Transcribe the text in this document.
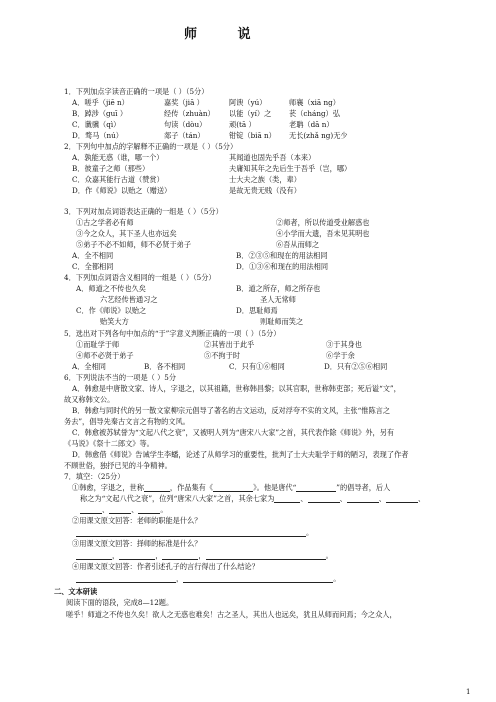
师 说
1．下列加点字读音正确的一项是（ ）（5分）
A．嗟乎（jiē n）	嘉奖（jiā ）	阿谀（yú）	师襄（xiā ng）
B．踔涉（guī ）	经传（zhuàn） 以能（yí）之 苌（cháng）弘
C．谶骥（qì）	句读（dòu）	顽(tā ）	老聃（dā n）
D．骛马（nú）	郯子（tán）	钳锭（biā n） 无长(zhǎ ng)无少
2．下列句中加点的字解释不正确的一项是（ ）（5分）
A．孰能无惑（谁，哪一个）	其闻道也固先乎吾（本来）
B．彼童子之师（那些）	夫庸知其年之先后生于吾乎（岂，哪）
C．众嘉其能行古道（赞赏）	士大夫之族（类，辈）
D．作《师说》以贻之（赠送）	是故无贵无贱（没有）
3．下列对加点词语表达正确的一组是（ ）（5分）
①古之学者必有师	②师者，所以传道受业解惑也
③今之众人，其下圣人也亦远矣	④小学而大遗，吾未见其明也
⑤弟子不必不如师，师不必贤于弟子	⑥吾从而师之
A．全不相同	B．②③⑤和现在的用法相同
C．全都相同	D．①③⑥和现在的用法相同
4．下列加点词语含义相同的一组是（ ）（5分）
A．师道之不传也久矣	B．道之所存，师之所存也
六艺经传皆通习之	圣人无常师
C．作《师说》以贻之	D．思耻师焉
贻笑大方	则耻师而笑之
5．选出对下列各句中加点的“于”字意义判断正确的一项（ ）（5分）
①而耻学于师	②其皆出于此乎	③于其身也
④师不必贤于弟子	⑤不拘于时	⑥学于余
A．全相同	B．各不相同	C．只有①⑥相同	D．只有②⑤⑥相同
6．下列说法不当的一项是（ ）5分
A．韩愈是中唐散文家、诗人，字退之，以其祖籍，世称韩昌黎；以其官职，世称韩吏部；死后谥“文”，
故又称韩文公。
B．韩愈与同时代的另一散文家柳宗元倡导了著名的古文运动，反对浮夸不实的文风，主张“惟陈言之
务去”，倡导先秦古文言之有物的文风。
C．韩愈被苏轼誉为“文起八代之衰”，又被明人列为“唐宋八大家”之首，其代表作除《师说》外，另有
《马说》《祭十二郎文》等。
D．韩愈借《师说》告诫学生李蟠，论述了从师学习的重要性，批判了士大夫耻学于师的陋习，表现了作者
不顾世俗，独抒已见的斗争精神。
7．填空：（25分）
①韩愈，字退之，世称	，作品集有《	》。他是唐代“	”的倡导者，后人
称之为“文起八代之衰”，位列“唐宋八大家”之首，其余七家为	、	、	、	、
、	、	。
②用课文原文回答：老师的职能是什么？
。
③用课文原文回答：择师的标准是什么？
，	，	，	。
④用课文原文回答：作者引述孔子的言行得出了什么结论？
，	。
二、文本研读
阅读下面的语段，完成8—12题。
嗟乎！师道之不传也久矣！欲人之无惑也难矣！古之圣人，其出人也远矣，犹且从师而问焉；今之众人，
1
